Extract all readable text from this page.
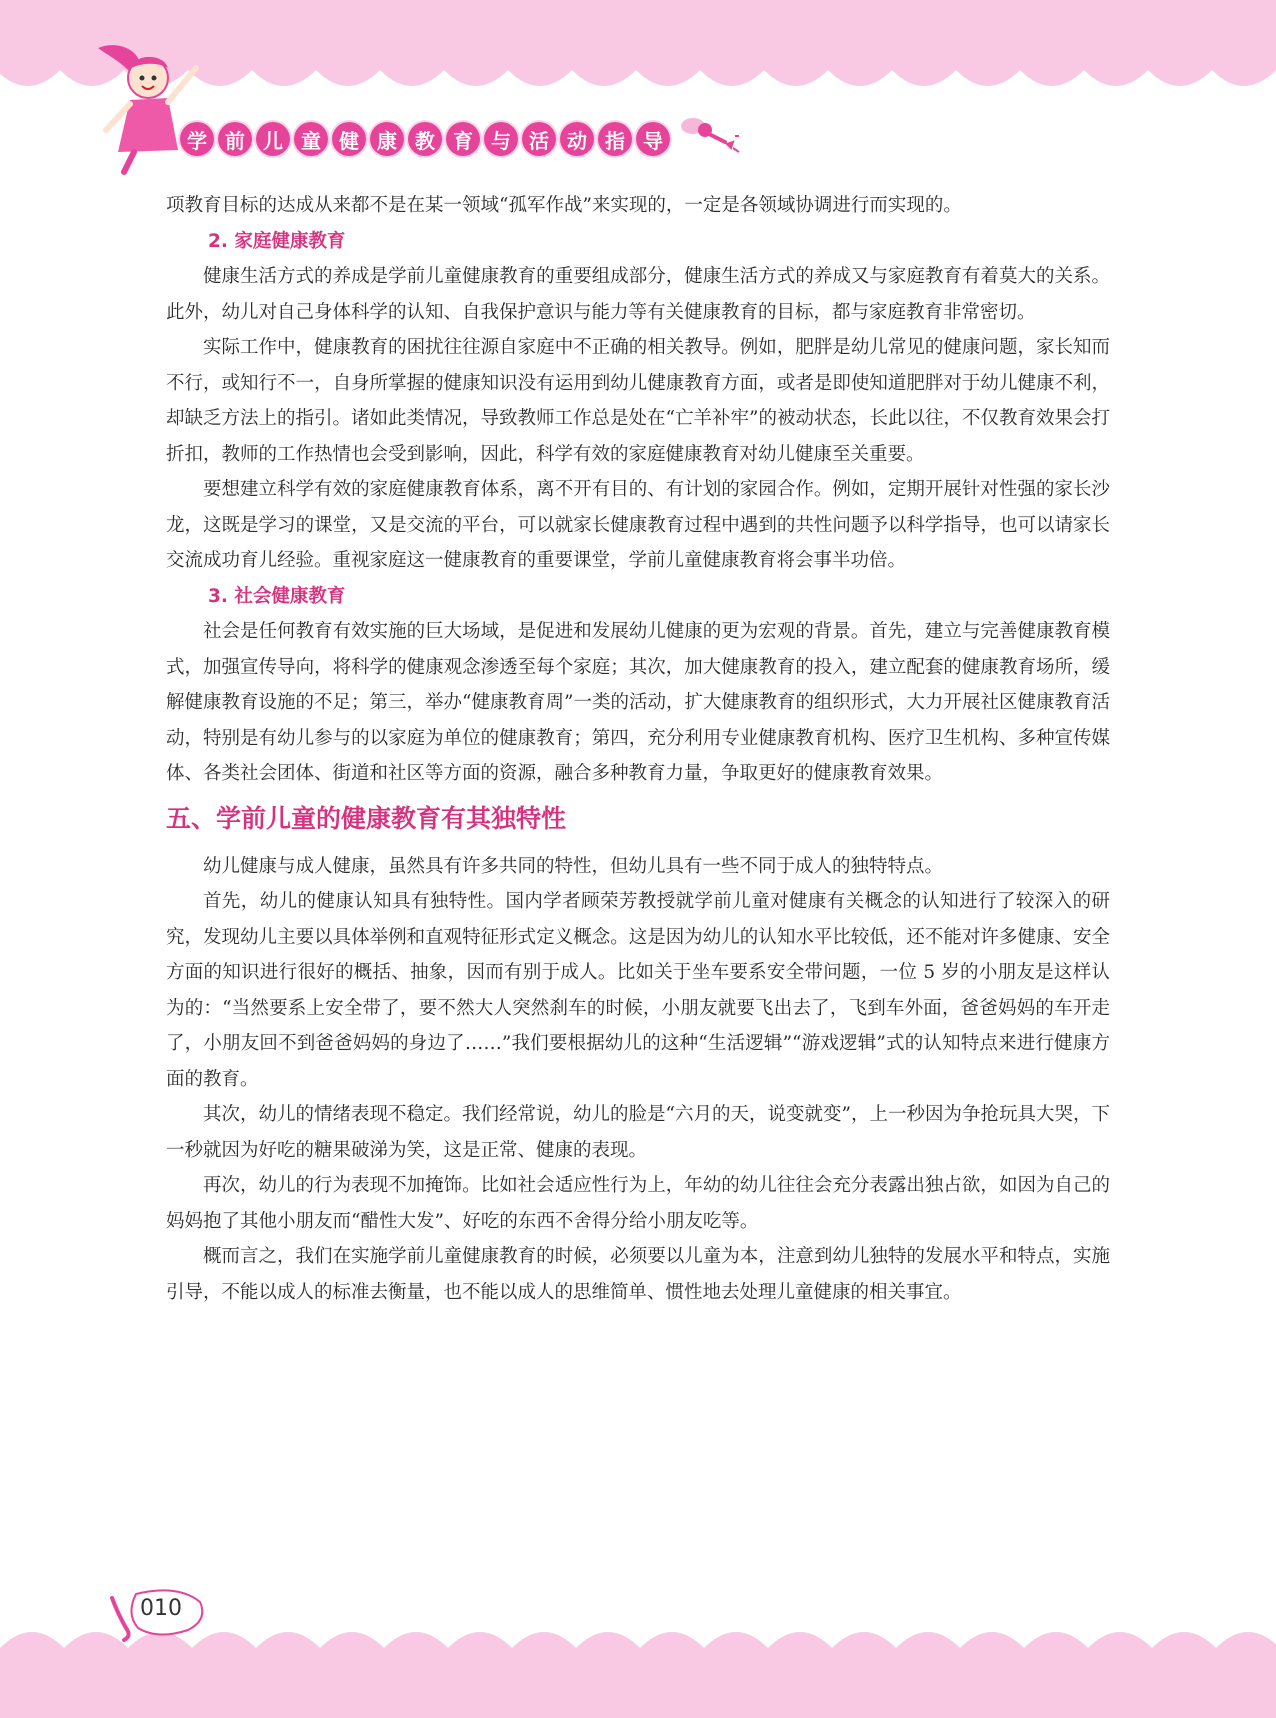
学 前 儿 童 健 康 教 育 与 活 动 指 导

项教育目标的达成从来都不是在某一领域“孤军作战”来实现的，一定是各领域协调进行而实现的。

2. 家庭健康教育

健康生活方式的养成是学前儿童健康教育的重要组成部分，健康生活方式的养成又与家庭教育有着莫大的关系。此外，幼儿对自己身体科学的认知、自我保护意识与能力等有关健康教育的目标，都与家庭教育非常密切。

实际工作中，健康教育的困扰往往源自家庭中不正确的相关教导。例如，肥胖是幼儿常见的健康问题，家长知而不行，或知行不一，自身所掌握的健康知识没有运用到幼儿健康教育方面，或者是即使知道肥胖对于幼儿健康不利，却缺乏方法上的指引。诸如此类情况，导致教师工作总是处在“亡羊补牢”的被动状态，长此以往，不仅教育效果会打折扣，教师的工作热情也会受到影响，因此，科学有效的家庭健康教育对幼儿健康至关重要。

要想建立科学有效的家庭健康教育体系，离不开有目的、有计划的家园合作。例如，定期开展针对性强的家长沙龙，这既是学习的课堂，又是交流的平台，可以就家长健康教育过程中遇到的共性问题予以科学指导，也可以请家长交流成功育儿经验。重视家庭这一健康教育的重要课堂，学前儿童健康教育将会事半功倍。

3. 社会健康教育

社会是任何教育有效实施的巨大场域，是促进和发展幼儿健康的更为宏观的背景。首先，建立与完善健康教育模式，加强宣传导向，将科学的健康观念渗透至每个家庭；其次，加大健康教育的投入，建立配套的健康教育场所，缓解健康教育设施的不足；第三，举办“健康教育周”一类的活动，扩大健康教育的组织形式，大力开展社区健康教育活动，特别是有幼儿参与的以家庭为单位的健康教育；第四，充分利用专业健康教育机构、医疗卫生机构、多种宣传媒体、各类社会团体、街道和社区等方面的资源，融合多种教育力量，争取更好的健康教育效果。

五、学前儿童的健康教育有其独特性

幼儿健康与成人健康，虽然具有许多共同的特性，但幼儿具有一些不同于成人的独特特点。

首先，幼儿的健康认知具有独特性。国内学者顾荣芳教授就学前儿童对健康有关概念的认知进行了较深入的研究，发现幼儿主要以具体举例和直观特征形式定义概念。这是因为幼儿的认知水平比较低，还不能对许多健康、安全方面的知识进行很好的概括、抽象，因而有别于成人。比如关于坐车要系安全带问题，一位 5 岁的小朋友是这样认为的：“当然要系上安全带了，要不然大人突然刹车的时候，小朋友就要飞出去了，飞到车外面，爸爸妈妈的车开走了，小朋友回不到爸爸妈妈的身边了……”我们要根据幼儿的这种“生活逻辑”“游戏逻辑”式的认知特点来进行健康方面的教育。

其次，幼儿的情绪表现不稳定。我们经常说，幼儿的脸是“六月的天，说变就变”，上一秒因为争抢玩具大哭，下一秒就因为好吃的糖果破涕为笑，这是正常、健康的表现。

再次，幼儿的行为表现不加掩饰。比如社会适应性行为上，年幼的幼儿往往会充分表露出独占欲，如因为自己的妈妈抱了其他小朋友而“醋性大发”、好吃的东西不舍得分给小朋友吃等。

概而言之，我们在实施学前儿童健康教育的时候，必须要以儿童为本，注意到幼儿独特的发展水平和特点，实施引导，不能以成人的标准去衡量，也不能以成人的思维简单、惯性地去处理儿童健康的相关事宜。

010
